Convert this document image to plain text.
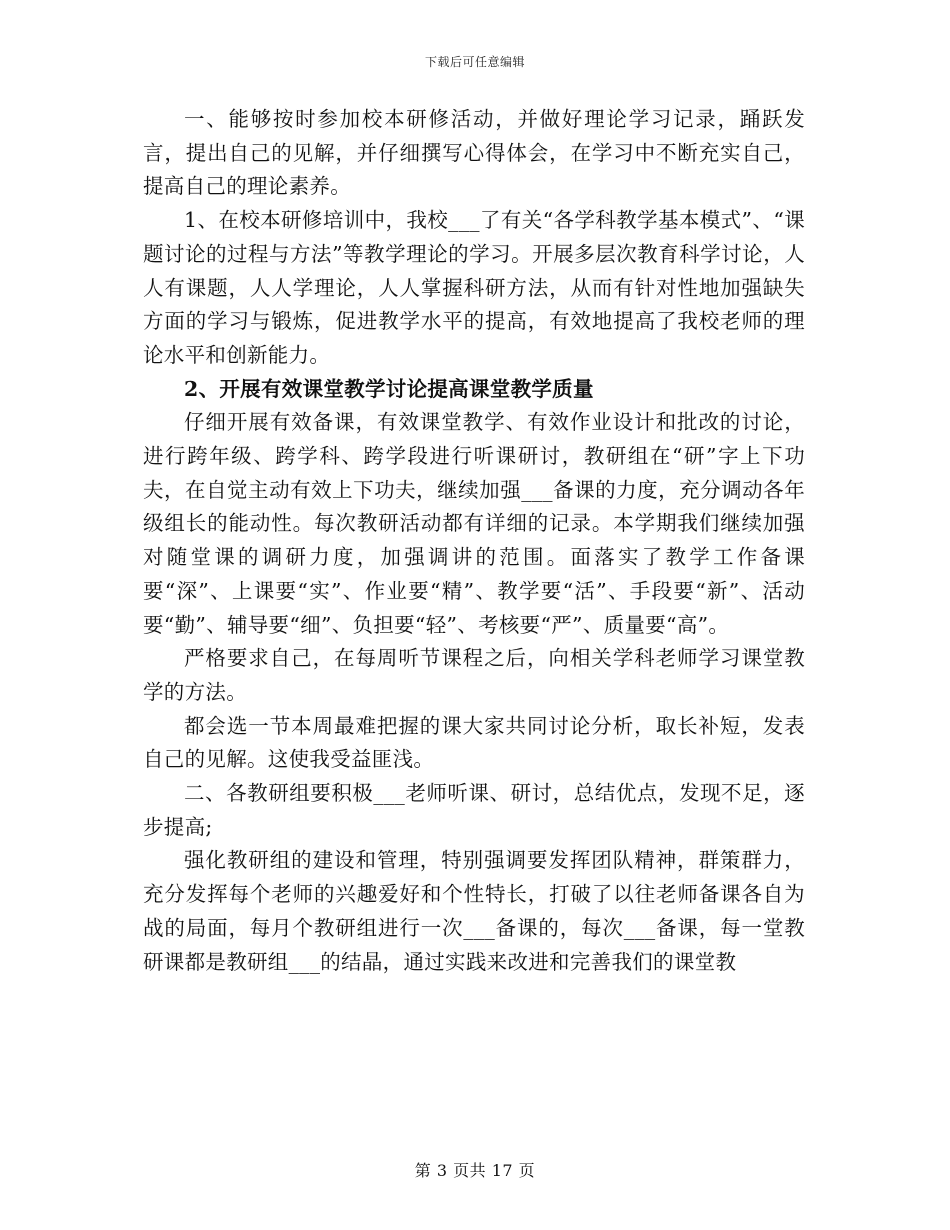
下载后可任意编辑

一、能够按时参加校本研修活动，并做好理论学习记录，踊跃发言，提出自己的见解，并仔细撰写心得体会，在学习中不断充实自己，提高自己的理论素养。

1、在校本研修培训中，我校___了有关“各学科教学基本模式”、“课题讨论的过程与方法”等教学理论的学习。开展多层次教育科学讨论，人人有课题，人人学理论，人人掌握科研方法，从而有针对性地加强缺失方面的学习与锻炼，促进教学水平的提高，有效地提高了我校老师的理论水平和创新能力。

2、开展有效课堂教学讨论提高课堂教学质量

仔细开展有效备课，有效课堂教学、有效作业设计和批改的讨论，进行跨年级、跨学科、跨学段进行听课研讨，教研组在“研”字上下功夫，在自觉主动有效上下功夫，继续加强___备课的力度，充分调动各年级组长的能动性。每次教研活动都有详细的记录。本学期我们继续加强对随堂课的调研力度，加强调讲的范围。面落实了教学工作备课要“深”、上课要“实”、作业要“精”、教学要“活”、手段要“新”、活动要“勤”、辅导要“细”、负担要“轻”、考核要“严”、质量要“高”。

严格要求自己，在每周听节课程之后，向相关学科老师学习课堂教学的方法。

都会选一节本周最难把握的课大家共同讨论分析，取长补短，发表自己的见解。这使我受益匪浅。

二、各教研组要积极___老师听课、研讨，总结优点，发现不足，逐步提高;

强化教研组的建设和管理，特别强调要发挥团队精神，群策群力，充分发挥每个老师的兴趣爱好和个性特长，打破了以往老师备课各自为战的局面，每月个教研组进行一次___备课的，每次___备课，每一堂教研课都是教研组___的结晶，通过实践来改进和完善我们的课堂教

第 3 页共 17 页
